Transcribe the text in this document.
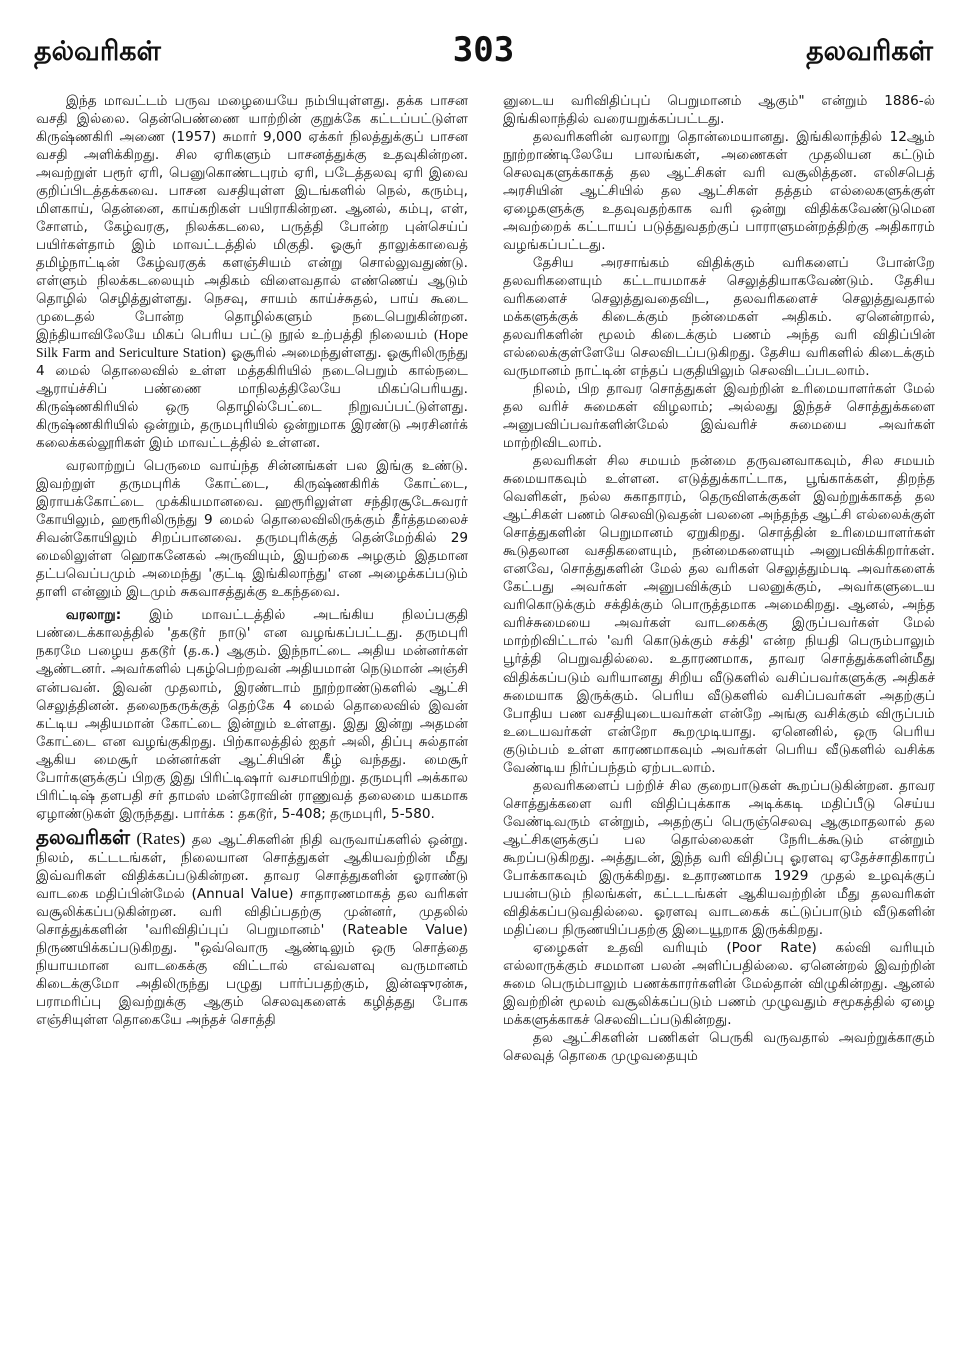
தல்வரிகள்	303	தலவரிகள்

இந்த மாவட்டம் பருவ மழையையே நம்பியுள்ளது. தக்க பாசன வசதி இல்லை. தென்பெண்ணை யாற்றின் குறுக்கே கட்டப்பட்டுள்ள கிருஷ்ணகிரி அணை (1957) சுமார் 9,000 ஏக்கர் நிலத்துக்குப் பாசன வசதி அளிக்கிறது. சில ஏரிகளும் பாசனத்துக்கு உதவுகின்றன. அவற்றுள் பரூர் ஏரி, பெனுகொண்டபுரம் ஏரி, படேத்தலவு ஏரி இவை குறிப்பிடத்தக்கவை. பாசன வசதியுள்ள இடங்களில் நெல், கரும்பு, மிளகாய், தென்னை, காய்கறிகள் பயிராகின்றன. ஆனல், கம்பு, எள், சோளம், கேழ்வரகு, நிலக்கடலை, பருத்தி போன்ற புன்செய்ப் பயிர்கள்தாம் இம் மாவட்டத்தில் மிகுதி. ஓசூர் தாலுக்காவைத் தமிழ்நாட்டின் கேழ்வரகுக் களஞ்சியம் என்று சொல்லுவதுண்டு. எள்ளும் நிலக்கடலையும் அதிகம் விளைவதால் எண்ணெய் ஆடும் தொழில் செழித்துள்ளது. நெசவு, சாயம் காய்ச்சுதல், பாய் கூடை முடைதல் போன்ற தொழில்களும் நடைபெறுகின்றன. இந்தியாவிலேயே மிகப் பெரிய பட்டு நூல் உற்பத்தி நிலையம் (Hope Silk Farm and Sericulture Station) ஓசூரில் அமைந்துள்ளது. ஓசூரிலிருந்து 4 மைல் தொலைவில் உள்ள மத்தகிரியில் நடைபெறும் கால்நடை ஆராய்ச்சிப் பண்ணை மாநிலத்திலேயே மிகப்பெரியது. கிருஷ்ணகிரியில் ஒரு தொழில்பேட்டை நிறுவப்பட்டுள்ளது. கிருஷ்ணகிரியில் ஒன்றும், தருமபுரியில் ஒன்றுமாக இரண்டு அரசினர்க் கலைக்கல்லூரிகள் இம் மாவட்டத்தில் உள்ளன.

வரலாற்றுப் பெருமை வாய்ந்த சின்னங்கள் பல இங்கு உண்டு. இவற்றுள் தருமபுரிக் கோட்டை, கிருஷ்ணகிரிக் கோட்டை, இராயக்கோட்டை முக்கியமானவை. ஹரூரிலுள்ள சந்திரசூடேசுவரர் கோயிலும், ஹரூரிலிருந்து 9 மைல் தொலைவிலிருக்கும் தீர்த்தமலைச் சிவன்கோயிலும் சிறப்பானவை. தருமபுரிக்குத் தென்மேற்கில் 29 மைலிலுள்ள ஹொகனேகல் அருவியும், இயற்கை அழகும் இதமான தட்பவெப்பமும் அமைந்து 'குட்டி இங்கிலாந்து' என அழைக்கப்படும் தாளி என்னும் இடமும் சுகவாசத்துக்கு உகந்தவை.

வரலாறு: இம் மாவட்டத்தில் அடங்கிய நிலப்பகுதி பண்டைக்காலத்தில் 'தகடூர் நாடு' என வழங்கப்பட்டது. தருமபுரி நகரமே பழைய தகடூர் (த.க.) ஆகும். இந்நாட்டை அதிய மன்னர்கள் ஆண்டனர். அவர்களில் புகழ்பெற்றவன் அதியமான் நெடுமான் அஞ்சி என்பவன். இவன் முதலாம், இரண்டாம் நூற்றாண்டுகளில் ஆட்சி செலுத்தினன். தலைநகருக்குத் தெற்கே 4 மைல் தொலைவில் இவன் கட்டிய அதியமான் கோட்டை இன்றும் உள்ளது. இது இன்று அதமன் கோட்டை என வழங்குகிறது. பிற்காலத்தில் ஐதர் அலி, திப்பு சுல்தான் ஆகிய மைசூர் மன்னர்கள் ஆட்சியின் கீழ் வந்தது. மைசூர் போர்களுக்குப் பிறகு இது பிரிட்டிஷார் வசமாயிற்று. தருமபுரி அக்கால பிரிட்டிஷ் தளபதி சர் தாமஸ் மன்ரோவின் ராணுவத் தலைமை யகமாக ஏழாண்டுகள் இருந்தது. பார்க்க : தகடூர், 5-408; தருமபுரி, 5-580.

தலவரிகள் (Rates) தல ஆட்சிகளின் நிதி வருவாய்களில் ஒன்று. நிலம், கட்டடங்கள், நிலையான சொத்துகள் ஆகியவற்றின் மீது இவ்வரிகள் விதிக்கப்படுகின்றன. தாவர சொத்துகளின் ஓராண்டு வாடகை மதிப்பின்மேல் (Annual Value) சாதாரணமாகத் தல வரிகள் வசூலிக்கப்படுகின்றன. வரி விதிப்பதற்கு முன்னர், முதலில் சொத்துக்களின் 'வரிவிதிப்புப் பெறுமானம்' (Rateable Value) நிருணயிக்கப்படுகிறது. "ஒவ்வொரு ஆண்டிலும் ஒரு சொத்தை நியாயமான வாடகைக்கு விட்டால் எவ்வளவு வருமானம் கிடைக்குமோ அதிலிருந்து பழுது பார்ப்பதற்கும், இன்ஷுரன்சு, பராமரிப்பு இவற்றுக்கு ஆகும் செலவுகளைக் கழித்தது போக எஞ்சியுள்ள தொகையே அந்தச் சொத்தி

னுடைய வரிவிதிப்புப் பெறுமானம் ஆகும்" என்றும் 1886-ல் இங்கிலாந்தில் வரையறுக்கப்பட்டது.

தலவரிகளின் வரலாறு தொன்மையானது. இங்கிலாந்தில் 12ஆம் நூற்றாண்டிலேயே பாலங்கள், அணைகள் முதலியன கட்டும் செலவுகளுக்காகத் தல ஆட்சிகள் வரி வசூலித்தன. எலிசபெத் அரசியின் ஆட்சியில் தல ஆட்சிகள் தத்தம் எல்லைகளுக்குள் ஏழைகளுக்கு உதவுவதற்காக வரி ஒன்று விதிக்கவேண்டுமென அவற்றைக் கட்டாயப் படுத்துவதற்குப் பாராளுமன்றத்திற்கு அதிகாரம் வழங்கப்பட்டது.

தேசிய அரசாங்கம் விதிக்கும் வரிகளைப் போன்றே தலவரிகளையும் கட்டாயமாகச் செலுத்தியாகவேண்டும். தேசிய வரிகளைச் செலுத்துவதைவிட, தலவரிகளைச் செலுத்துவதால் மக்களுக்குக் கிடைக்கும் நன்மைகள் அதிகம். ஏனென்றால், தலவரிகளின் மூலம் கிடைக்கும் பணம் அந்த வரி விதிப்பின் எல்லைக்குள்ளேயே செலவிடப்படுகிறது. தேசிய வரிகளில் கிடைக்கும் வருமானம் நாட்டின் எந்தப் பகுதியிலும் செலவிடப்படலாம்.

நிலம், பிற தாவர சொத்துகள் இவற்றின் உரிமையாளர்கள் மேல் தல வரிச் சுமைகள் விழலாம்; அல்லது இந்தச் சொத்துக்களை அனுபவிப்பவர்களின்மேல் இவ்வரிச் சுமையை அவர்கள் மாற்றிவிடலாம்.

தலவரிகள் சில சமயம் நன்மை தருவனவாகவும், சில சமயம் சுமையாகவும் உள்ளன. எடுத்துக்காட்டாக, பூங்காக்கள், திறந்த வெளிகள், நல்ல சுகாதாரம், தெருவிளக்குகள் இவற்றுக்காகத் தல ஆட்சிகள் பணம் செலவிடுவதன் பலனை அந்தந்த ஆட்சி எல்லைக்குள் சொத்துகளின் பெறுமானம் ஏறுகிறது. சொத்தின் உரிமையாளர்கள் கூடுதலான வசதிகளையும், நன்மைகளையும் அனுபவிக்கிறார்கள். எனவே, சொத்துகளின் மேல் தல வரிகள் செலுத்தும்படி அவர்களைக் கேட்பது அவர்கள் அனுபவிக்கும் பலனுக்கும், அவர்களுடைய வரிகொடுக்கும் சக்திக்கும் பொருத்தமாக அமைகிறது. ஆனல், அந்த வரிச்சுமையை அவர்கள் வாடகைக்கு இருப்பவர்கள் மேல் மாற்றிவிட்டால் 'வரி கொடுக்கும் சக்தி' என்ற நியதி பெரும்பாலும் பூர்த்தி பெறுவதில்லை. உதாரணமாக, தாவர சொத்துக்களின்மீது விதிக்கப்படும் வரியானது சிறிய வீடுகளில் வசிப்பவர்களுக்கு அதிகச் சுமையாக இருக்கும். பெரிய வீடுகளில் வசிப்பவர்கள் அதற்குப் போதிய பண வசதியுடையவர்கள் என்றே அங்கு வசிக்கும் விருப்பம் உடையவர்கள் என்றோ கூறமுடியாது. ஏனெனில், ஒரு பெரிய குடும்பம் உள்ள காரணமாகவும் அவர்கள் பெரிய வீடுகளில் வசிக்க வேண்டிய நிர்ப்பந்தம் ஏற்படலாம்.

தலவரிகளைப் பற்றிச் சில குறைபாடுகள் கூறப்படுகின்றன. தாவர சொத்துக்களை வரி விதிப்புக்காக அடிக்கடி மதிப்பீடு செய்ய வேண்டிவரும் என்றும், அதற்குப் பெருஞ்செலவு ஆகுமாதலால் தல ஆட்சிகளுக்குப் பல தொல்லைகள் நேரிடக்கூடும் என்றும் கூறப்படுகிறது. அத்துடன், இந்த வரி விதிப்பு ஓரளவு ஏதேச்சாதிகாரப் போக்காகவும் இருக்கிறது. உதாரணமாக 1929 முதல் உழவுக்குப் பயன்படும் நிலங்கள், கட்டடங்கள் ஆகியவற்றின் மீது தலவரிகள் விதிக்கப்படுவதில்லை. ஓரளவு வாடகைக் கட்டுப்பாடும் வீடுகளின் மதிப்பை நிருணயிப்பதற்கு இடையூறாக இருக்கிறது.

ஏழைகள் உதவி வரியும் (Poor Rate) கல்வி வரியும் எல்லாருக்கும் சமமான பலன் அளிப்பதில்லை. ஏனென்றல் இவற்றின் சுமை பெரும்பாலும் பணக்காரர்களின் மேல்தான் விழுகின்றது. ஆனல் இவற்றின் மூலம் வசூலிக்கப்படும் பணம் முழுவதும் சமூகத்தில் ஏழை மக்களுக்காகச் செலவிடப்படுகின்றது.

தல ஆட்சிகளின் பணிகள் பெருகி வருவதால் அவற்றுக்காகும் செலவுத் தொகை முழுவதையும்
